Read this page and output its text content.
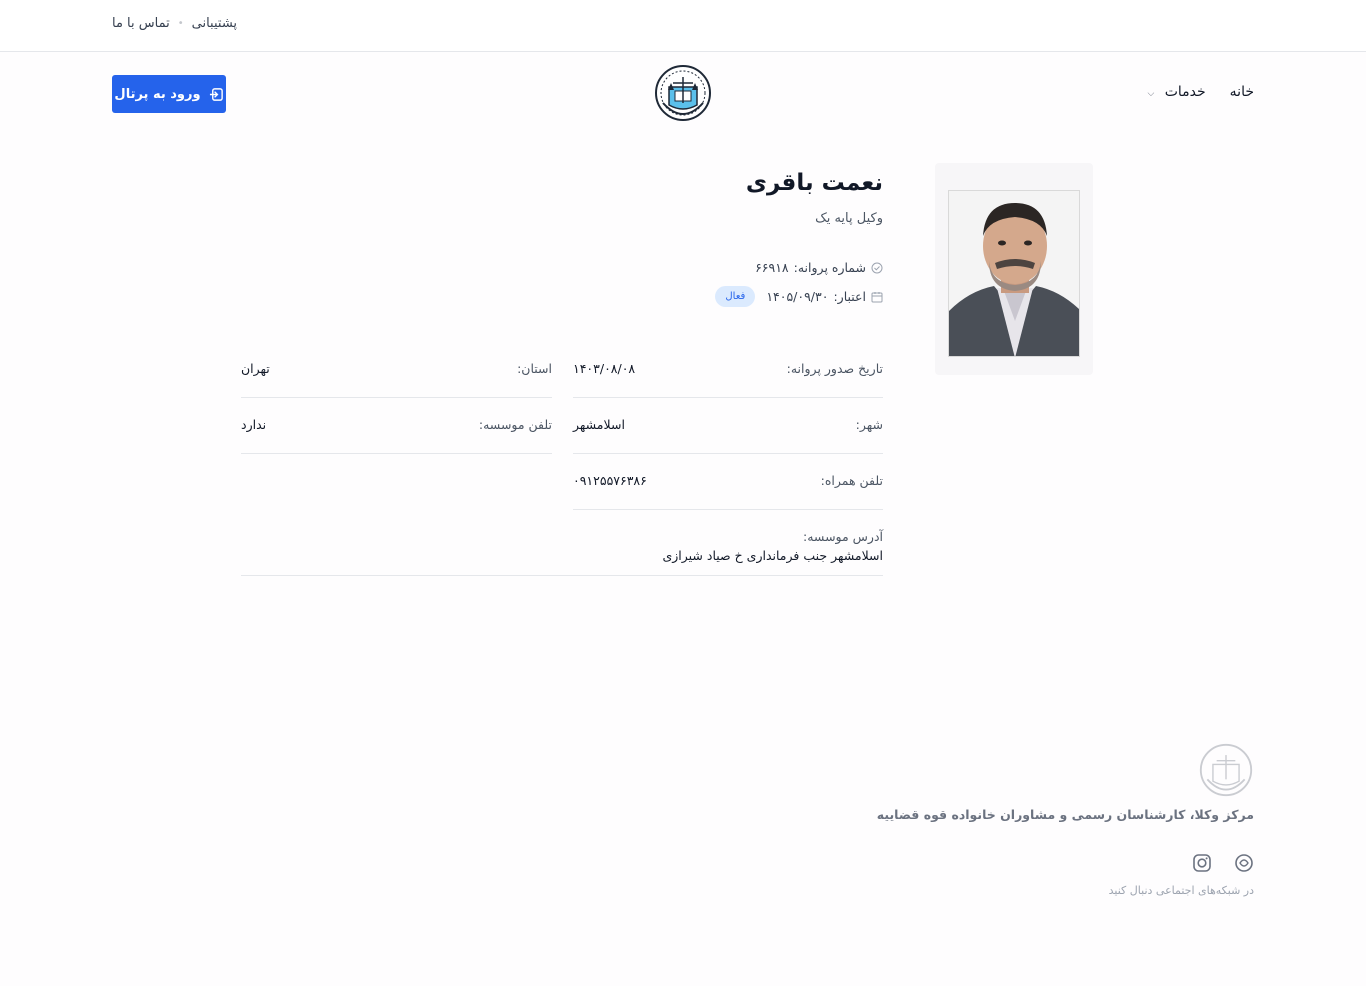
پشتیبانی
•
تماس با ما
خانه
خدمات ⌵
ورود به پرتال
نعمت باقری
وکیل پایه یک
شماره پروانه:
۶۶۹۱۸
اعتبار:
۱۴۰۵/۰۹/۳۰
فعال
تاریخ صدور پروانه:
۱۴۰۳/۰۸/۰۸
استان:
تهران
شهر:
اسلامشهر
تلفن موسسه:
ندارد
تلفن همراه:
۰۹۱۲۵۵۷۶۳۸۶
آدرس موسسه:
اسلامشهر جنب فرمانداری خ صیاد شیرازی
مرکز وکلا، کارشناسان رسمی و مشاوران خانواده قوه قضاییه
در شبکه‌های اجتماعی دنبال کنید
